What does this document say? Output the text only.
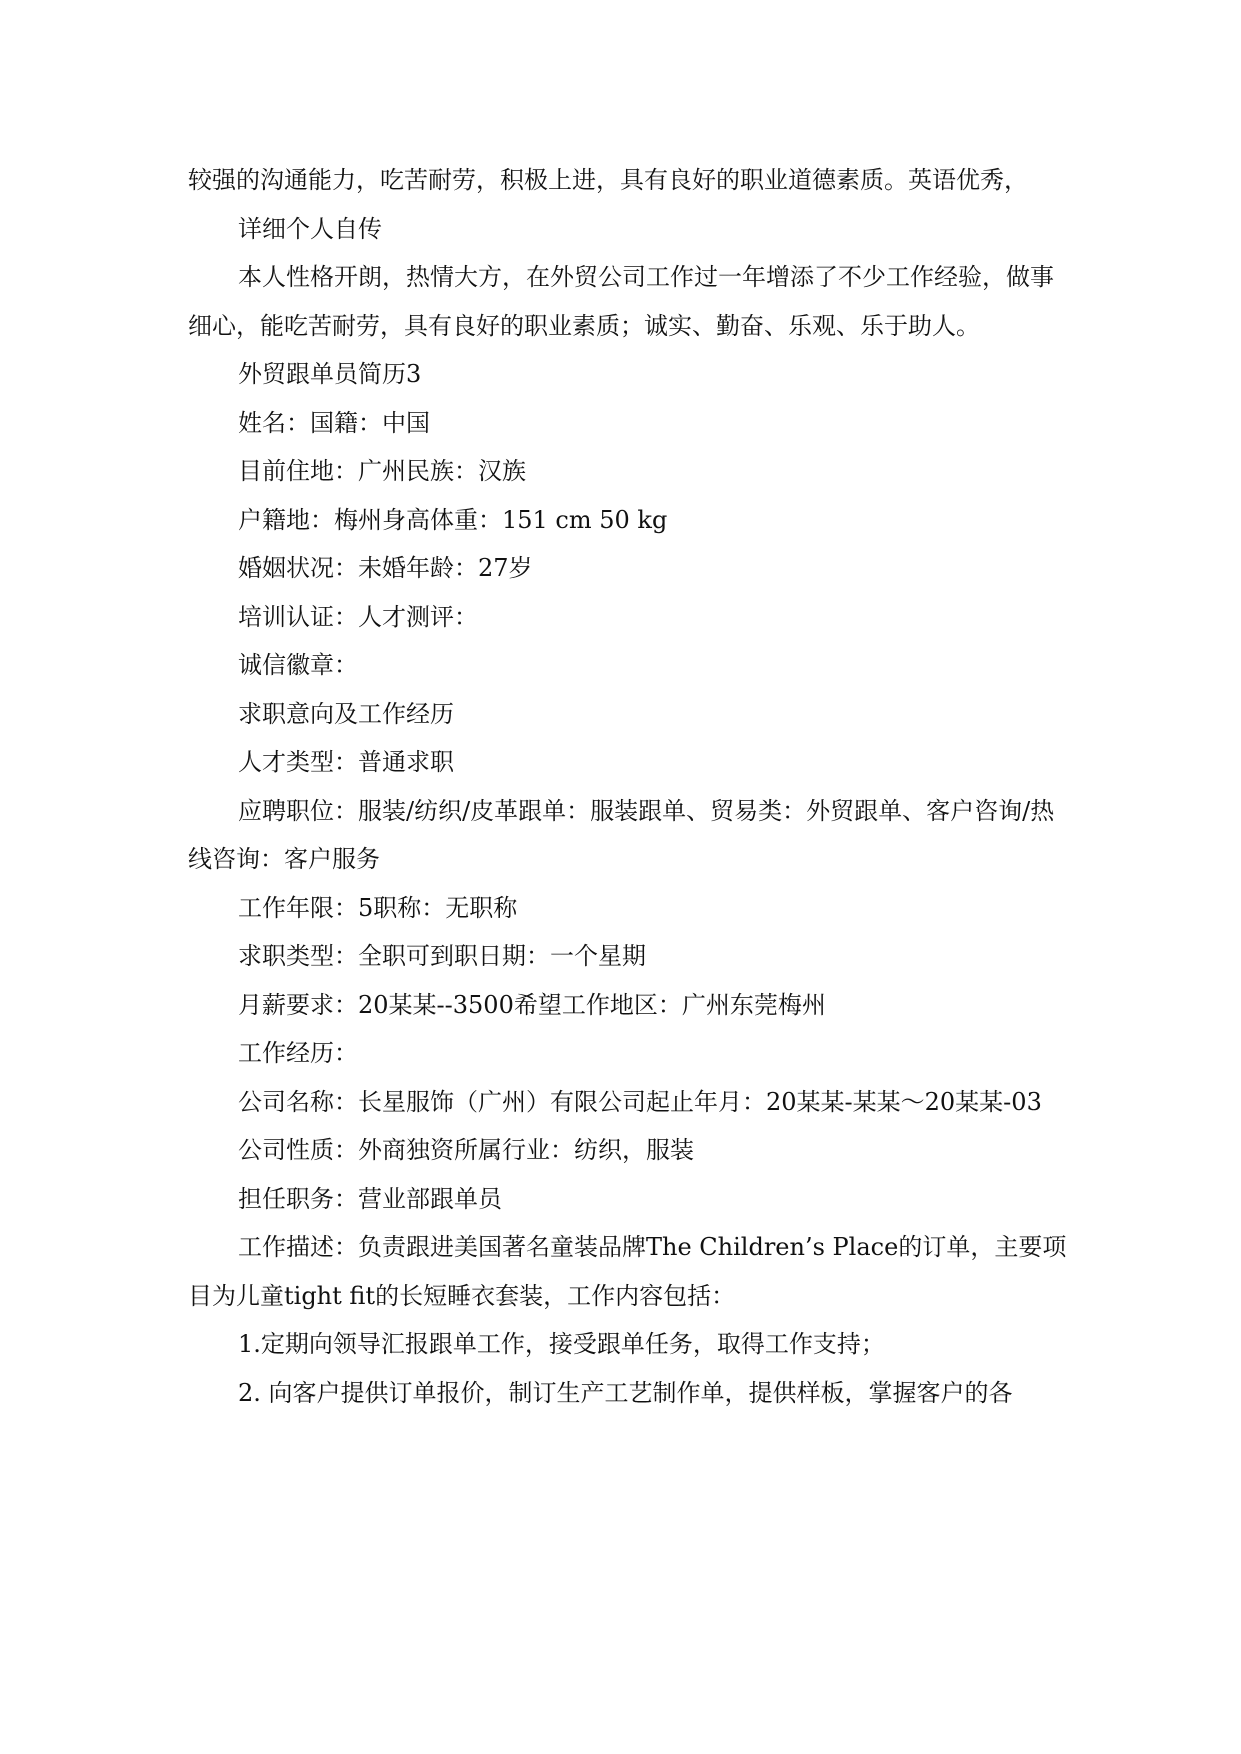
较强的沟通能力，吃苦耐劳，积极上进，具有良好的职业道德素质。英语优秀，

详细个人自传

本人性格开朗，热情大方，在外贸公司工作过一年增添了不少工作经验，做事细心，能吃苦耐劳，具有良好的职业素质；诚实、勤奋、乐观、乐于助人。

外贸跟单员简历3

姓名：国籍：中国

目前住地：广州民族：汉族

户籍地：梅州身高体重：151 cm 50 kg

婚姻状况：未婚年龄：27岁

培训认证：人才测评：

诚信徽章：

求职意向及工作经历

人才类型：普通求职

应聘职位：服装/纺织/皮革跟单：服装跟单、贸易类：外贸跟单、客户咨询/热线咨询：客户服务

工作年限：5职称：无职称

求职类型：全职可到职日期：一个星期

月薪要求：20某某--3500希望工作地区：广州东莞梅州

工作经历：

公司名称：长星服饰（广州）有限公司起止年月：20某某-某某～20某某-03

公司性质：外商独资所属行业：纺织，服装

担任职务：营业部跟单员

工作描述：负责跟进美国著名童装品牌The Children’s Place的订单，主要项目为儿童tight fit的长短睡衣套装，工作内容包括：

1.定期向领导汇报跟单工作，接受跟单任务，取得工作支持；

2. 向客户提供订单报价，制订生产工艺制作单，提供样板，掌握客户的各
